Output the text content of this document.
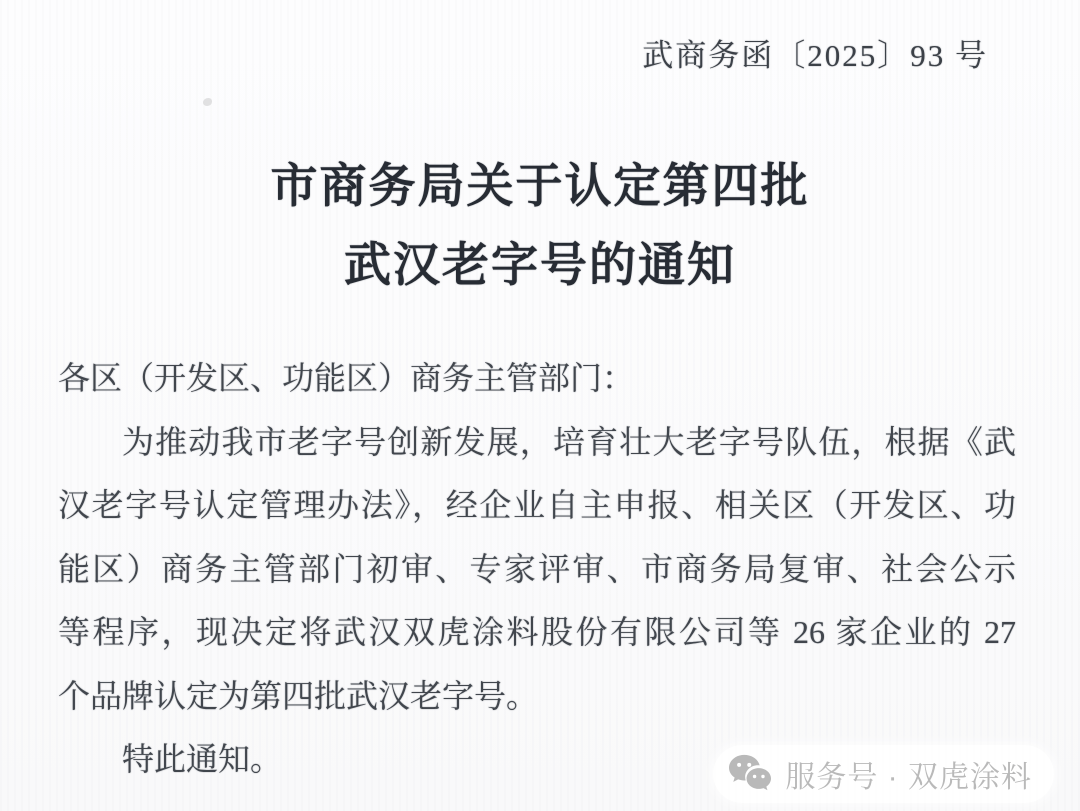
武商务函〔2025〕93 号
市商务局关于认定第四批
武汉老字号的通知
各区（开发区、功能区）商务主管部门：
为推动我市老字号创新发展，培育壮大老字号队伍，根据《武
汉老字号认定管理办法》，经企业自主申报、相关区（开发区、功
能区）商务主管部门初审、专家评审、市商务局复审、社会公示
等程序，现决定将武汉双虎涂料股份有限公司等 26 家企业的 27
个品牌认定为第四批武汉老字号。
特此通知。
服务号 · 双虎涂料
